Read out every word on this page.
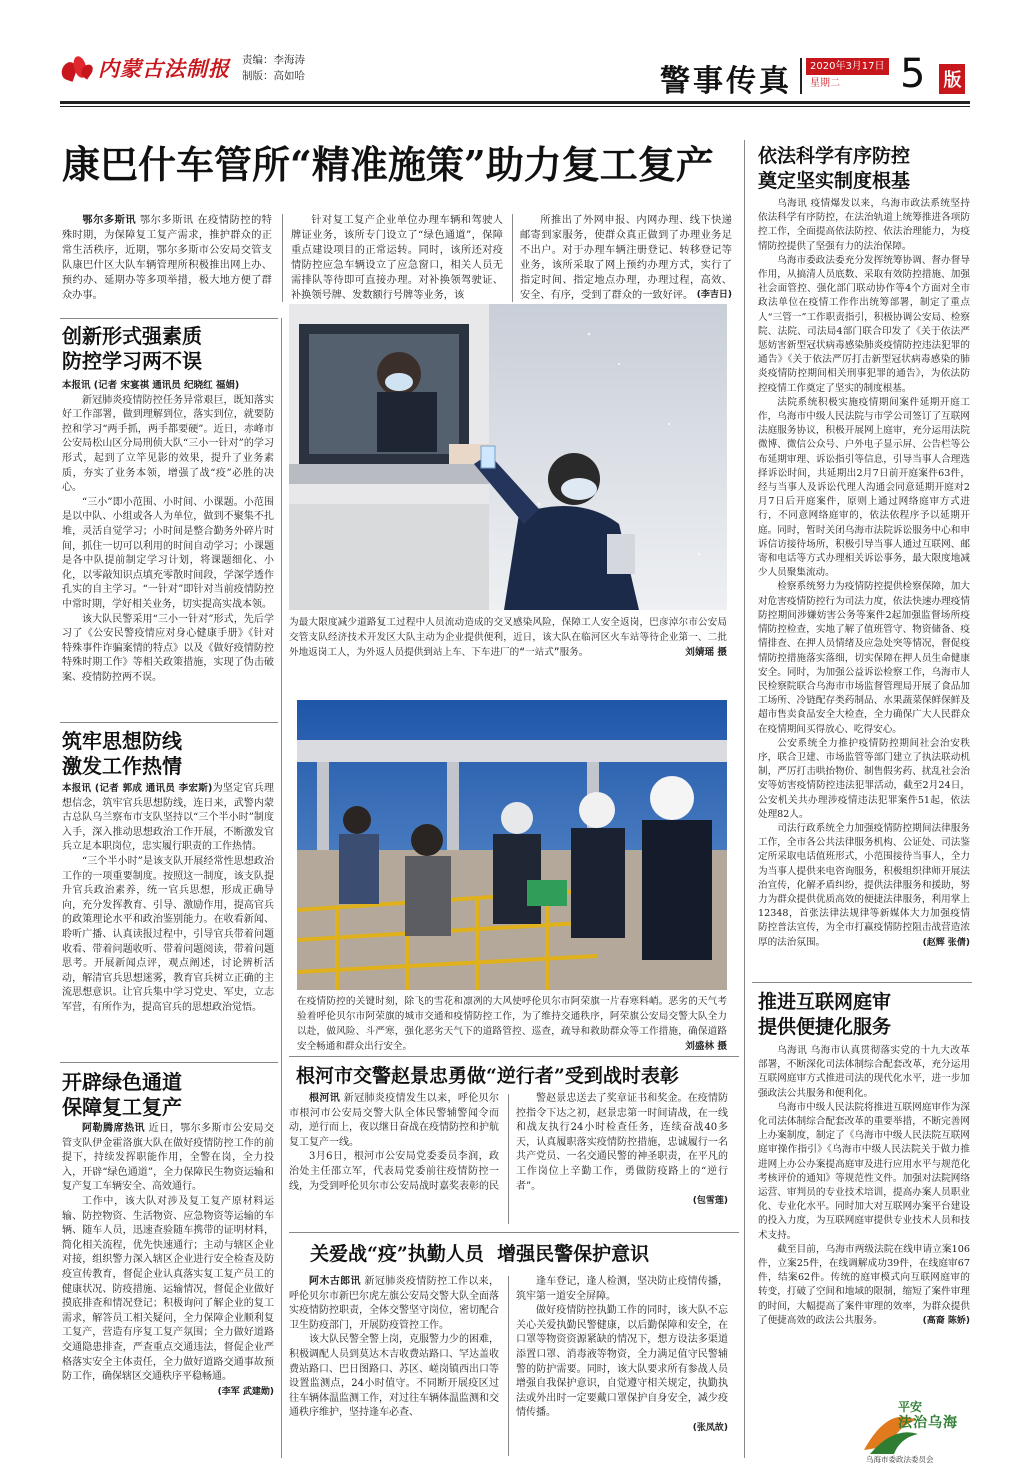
内蒙古法制报 责编：李海涛
制版：高如哈	警事传真	2020年3月17日
星期二	5 版
康巴什车管所“精准施策”助力复工复产

鄂尔多斯讯 鄂尔多斯讯 在疫情防控的特殊时期，为保障复工复产需求，推护群众的正常生活秩序，近期，鄂尔多斯市公安局交管支队康巴什区大队车辆管理所积极推出网上办、预约办、延期办等多项举措，极大地方便了群众办事。

针对复工复产企业单位办理车辆和驾驶人牌证业务，该所专门设立了“绿色通道”，保障重点建设项目的正常运转。同时，该所还对疫情防控应急车辆设立了应急窗口，相关人员无需排队等待即可直接办理。对补换领驾驶证、补换领号牌、发数额行号牌等业务，该

所推出了外网申报、内网办理、线下快递邮寄到家服务，使群众真正做到了办理业务足不出户。对于办理车辆注册登记、转移登记等业务，该所采取了网上预约办理方式，实行了指定时间、指定地点办理，办理过程，高效、安全、有序，受到了群众的一致好评。 (李吉日)

创新形式强素质
防控学习两不误
本报讯 (记者 宋宴祺 通讯员 纪晓红 福娟)

新冠肺炎疫情防控任务异常艰巨，既知落实好工作部署，做到理解到位，落实到位，就要防控和学习“两手抓，两手都要硬”。近日，赤峰市公安局松山区分局刑侦大队“三小一针对”的学习形式，起到了立竿见影的效果，提升了业务素质，夯实了业务本领，增强了战“疫”必胜的决心。

“三小”即小范围、小时间、小课题。小范围是以中队、小组或各人为单位，做到不聚集不扎堆，灵活自觉学习；小时间是整合勤务外碎片时间，抓住一切可以利用的时间自动学习；小课题是各中队提前制定学习计划，将课题细化、小化，以零敲知识点填充零散时间段，学深学透作孔实的自主学习。“一针对”即针对当前疫情防控中常时期，学好相关业务，切实提高实战本领。

该大队民警采用“三小一针对”形式，先后学习了《公安民警疫情应对身心健康手册》《针对特殊事件诈骗案情的特点》以及《做好疫情防控特殊时期工作》等相关政策措施，实现了伪击破案、疫情防控两不误。

筑牢思想防线
激发工作热情
本报讯 (记者 郭成 通讯员 李宏斯)为坚定官兵理想信念，筑牢官兵思想防线，连日来，武警内蒙古总队乌兰察布市支队坚持以“三个半小时”制度入手，深入推动思想政治工作开展，不断激发官兵立足本职岗位，忠实履行职责的工作热情。

“三个半小时”是该支队开展经常性思想政治工作的一项重要制度。按照这一制度，该支队提升官兵政治素养，统一官兵思想，形成正确导向，充分发挥教育、引导、激励作用，提高官兵的政策理论水平和政治鉴别能力。在收看新闻、聆听广播、认真读报过程中，引导官兵带着问题收看、带着问题收听、带着问题阅读，带着问题思考。开展新闻点评，观点阐述，讨论辨析活动，解清官兵思想迷雾，教育官兵树立正确的主流思想意识。让官兵集中学习党史、军史，立志军营，有所作为，提高官兵的思想政治觉悟。

开辟绿色通道
保障复工复产

阿勒腾席热讯 近日，鄂尔多斯市公安局交管支队伊金霍洛旗大队在做好疫情防控工作的前提下，持续发挥职能作用，全警在岗，全力投入，开辟“绿色通道”，全力保障民生物资运输和复产复工车辆安全、高效通行。

工作中，该大队对涉及复工复产原材料运输、防控物资、生活物资、应急物资等运输的车辆、随车人员，迅速查验随车携带的证明材料，简化相关流程，优先快速通行；主动与辖区企业对接，组织警力深入辖区企业进行安全检查及防疫宣传教育，督促企业认真落实复工复产员工的健康状况、防疫措施、运输情况，督促企业做好摸底排查和情况登记；积极询问了解企业的复工需求，解答员工相关疑问，全力保障企业顺利复工复产，营造有序复工复产氛围；全力做好道路交通隐患排查，严查重点交通违法，督促企业严格落实安全主体责任，全力做好道路交通事故预防工作，确保辖区交通秩序平稳畅通。
(李军 武建勋)

为最大限度减少道路复工过程中人员流动造成的交叉感染风险，保障工人安全返岗，巴彦淖尔市公安局交管支队经济技术开发区大队主动为企业提供便利，近日，该大队在临河区火车站等待企业第一、二批外地返岗工人，为外返人员提供到站上车、下车进厂的“一站式”服务。	刘婧瑶 摄
在疫情防控的关键时刻，除飞的雪花和凛冽的大风使呼伦贝尔市阿荣旗一片春寒料峭。恶劣的天气考验着呼伦贝尔市阿荣旗的城市交通和疫情防控工作，为了维持交通秩序，阿荣旗公安局交警大队全力以赴，做风险、斗严寒，强化恶劣天气下的道路管控、巡查，疏导和救助群众等工作措施，确保道路安全畅通和群众出行安全。	刘盛林 摄
根河市交警赵景忠勇做“逆行者”受到战时表彰

根河讯 新冠肺炎疫情发生以来，呼伦贝尔市根河市公安局交警大队全体民警辅警闻令而动，逆行而上，夜以继日奋战在疫情防控和护航复工复产一线。

3月6日，根河市公安局党委委员李润，政治处主任邵立军，代表局党委前往疫情防控一线，为受到呼伦贝尔市公安局战时嘉奖表彰的民

警赵景忠送去了奖章证书和奖金。在疫情防控指令下达之初，赵景忠第一时间请战，在一线和战友执行24小时检查任务，连续奋战40多天，认真履职落实疫情防控措施，忠诚履行一名共产党员、一名交通民警的神圣职责，在平凡的工作岗位上辛勤工作，勇做防疫路上的“逆行者”。

(包雪莲)

关爱战“疫”执勤人员  增强民警保护意识

阿木古郎讯 新冠肺炎疫情防控工作以来，呼伦贝尔市新巴尔虎左旗公安局交警大队全面落实疫情防控职责，全体交警坚守岗位，密切配合卫生防疫部门，开展防疫管控工作。

该大队民警全警上岗，克服警力少的困难，积极调配人员到莫达木吉收费站路口、罕达盖收费站路口、巴日图路口、苏区、嵯岗镇西出口等设置监测点，24小时值守。不同断开展疫区过往车辆体温监测工作，对过往车辆体温监测和交通秩序维护，坚持逢车必查、

逢车登记，逢人检测，坚决防止疫情传播，筑牢第一道安全屏障。

做好疫情防控执勤工作的同时，该大队不忘关心关爱执勤民警健康，以后勤保障和安全，在口罩等物资资源紧缺的情况下，想方设法多渠道添置口罩、消毒液等物资，全力满足值守民警辅警的防护需要。同时，该大队要求所有参战人员增强自我保护意识，自觉遵守相关规定，执勤执法或外出时一定要戴口罩保护自身安全，减少疫情传播。

(张凤故)

依法科学有序防控
奠定坚实制度根基

乌海讯 疫情爆发以来，乌海市政法系统坚持依法科学有序防控，在法治轨道上统筹推进各项防控工作，全面提高依法防控、依法治理能力，为疫情防控提供了坚强有力的法治保障。

乌海市委政法委充分发挥统筹协调、督办督导作用，从搞清人员底数、采取有效防控措施、加强社会面管控、强化部门联动协作等4个方面对全市政法单位在疫情工作作出统筹部署，制定了重点人“三管一”工作职责指引，积极协调公安局、检察院、法院、司法局4部门联合印发了《关于依法严惩妨害新型冠状病毒感染肺炎疫情防控违法犯罪的通告》《关于依法严厉打击新型冠状病毒感染的肺炎疫情防控期间相关刑事犯罪的通告》，为依法防控疫情工作奠定了坚实的制度根基。

法院系统积极实施疫情期间案件延期开庭工作，乌海市中级人民法院与市学公司签订了互联网法庭服务协议，积极开展网上庭审，充分运用法院微博、微信公众号、户外电子显示屏、公告栏等公布延期审理、诉讼指引等信息，引导当事人合理选择诉讼时间，共延期出2月7日前开庭案件63件，经与当事人及诉讼代理人沟通会同意延期开庭对2月7日后开庭案件，原则上通过网络庭审方式进行，不同意网络庭审的，依法依程序予以延期开庭。同时，暂时关闭乌海市法院诉讼服务中心和申诉信访接待场所，积极引导当事人通过互联网、邮寄和电话等方式办理相关诉讼事务，最大限度地减少人员聚集流动。

检察系统努力为疫情防控提供检察保障，加大对危害疫情防控行为司法力度，依法快速办理疫情防控期间涉嫌妨害公务等案件2起加强监督场所疫情防控检查，实地了解了值班管守、物资储备、疫情排查、在押人员情绪及应急处突等情况，督促疫情防控措施落实落细，切实保障在押人员生命健康安全。同时，为加强公益诉讼检察工作，乌海市人民检察院联合乌海市市场监督管理局开展了食品加工场所、冷链配存类药制品、水果蔬菜保鲜保鲜及超市售卖食品安全大检查，全力确保广大人民群众在疫情期间买得放心、吃得安心。

公安系统全力推护疫情防控期间社会治安秩序，联合卫建、市场监管等部门建立了执法联动机制，严厉打击哄抬物价、制售假劣药、扰乱社会治安等妨害疫情防控违法犯罪活动，截至2月24日，公安机关共办理涉疫情违法犯罪案件51起，依法处理82人。

司法行政系统全力加强疫情防控期间法律服务工作，全市各公共法律服务机构、公证处、司法鉴定所采取电话值班形式，小范围接待当事人，全力为当事人提供来电咨询服务，积极组织律师开展法治宣传，化解矛盾纠纷，提供法律服务和援助，努力为群众提供优质高效的便捷法律服务，利用掌上12348，首张法律法规律等新媒体大力加强疫情防控普法宣传，为全市打赢疫情防控阻击战营造浓厚的法治氛围。	(赵辉 张倩)

推进互联网庭审
提供便捷化服务

乌海讯 乌海市认真贯彻落实党的十九大改革部署，不断深化司法体制综合配套改革，充分运用互联网庭审方式推进司法的现代化水平，进一步加强政法公共服务和便利化。

乌海市中级人民法院将推进互联网庭审作为深化司法体制综合配套改革的重要举措，不断完善网上办案制度，制定了《乌海市中级人民法院互联网庭审操作指引》《乌海市中级人民法院关于做力推进网上办公办案提高庭审及进行应用水平与规范化考核评价的通知》等规范性文件。加强对法院网络运营、审判员的专业技术培训，提高办案人员职业化、专业化水平。同时加大对互联网办案平台建设的投入力度，为互联网庭审提供专业技术人员和技术支持。

截至目前，乌海市两级法院在线申请立案106件，立案25件，在线调解成功39件，在线庭审67件，结案62件。传统的庭审模式向互联网庭审的转变，打破了空间和地域的限制，缩短了案件审理的时间，大幅提高了案件审理的效率，为群众提供了便捷高效的政法公共服务。	(高裔 陈娇)

平安
法治乌海
乌海市委政法委员会
